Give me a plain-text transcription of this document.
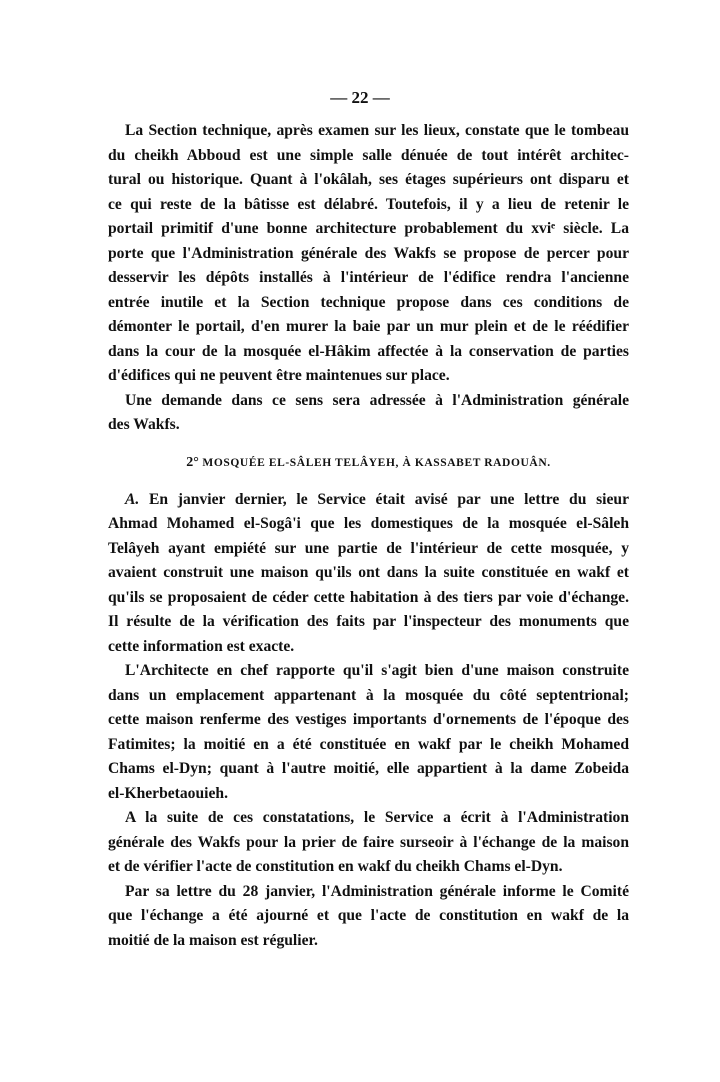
— 22 —
La Section technique, après examen sur les lieux, constate que le tombeau
du cheikh Abboud est une simple salle dénuée de tout intérêt architec-
tural ou historique. Quant à l'okâlah, ses étages supérieurs ont disparu et
ce qui reste de la bâtisse est délabré. Toutefois, il y a lieu de retenir le
portail primitif d'une bonne architecture probablement du xviᵉ siècle. La
porte que l'Administration générale des Wakfs se propose de percer pour
desservir les dépôts installés à l'intérieur de l'édifice rendra l'ancienne
entrée inutile et la Section technique propose dans ces conditions de
démonter le portail, d'en murer la baie par un mur plein et de le réédifier
dans la cour de la mosquée el-Hâkim affectée à la conservation de parties
d'édifices qui ne peuvent être maintenues sur place.
Une demande dans ce sens sera adressée à l'Administration générale
des Wakfs.
2° MOSQUÉE EL-SÂLEH TELÂYEH, À KASSABET RADOUÂN.
A. En janvier dernier, le Service était avisé par une lettre du sieur
Ahmad Mohamed el-Sogâ'i que les domestiques de la mosquée el-Sâleh
Telâyeh ayant empiété sur une partie de l'intérieur de cette mosquée, y
avaient construit une maison qu'ils ont dans la suite constituée en wakf et
qu'ils se proposaient de céder cette habitation à des tiers par voie d'échange.
Il résulte de la vérification des faits par l'inspecteur des monuments que
cette information est exacte.
L'Architecte en chef rapporte qu'il s'agit bien d'une maison construite
dans un emplacement appartenant à la mosquée du côté septentrional;
cette maison renferme des vestiges importants d'ornements de l'époque des
Fatimites; la moitié en a été constituée en wakf par le cheikh Mohamed
Chams el-Dyn; quant à l'autre moitié, elle appartient à la dame Zobeida
el-Kherbetaouieh.
A la suite de ces constatations, le Service a écrit à l'Administration
générale des Wakfs pour la prier de faire surseoir à l'échange de la maison
et de vérifier l'acte de constitution en wakf du cheikh Chams el-Dyn.
Par sa lettre du 28 janvier, l'Administration générale informe le Comité
que l'échange a été ajourné et que l'acte de constitution en wakf de la
moitié de la maison est régulier.
